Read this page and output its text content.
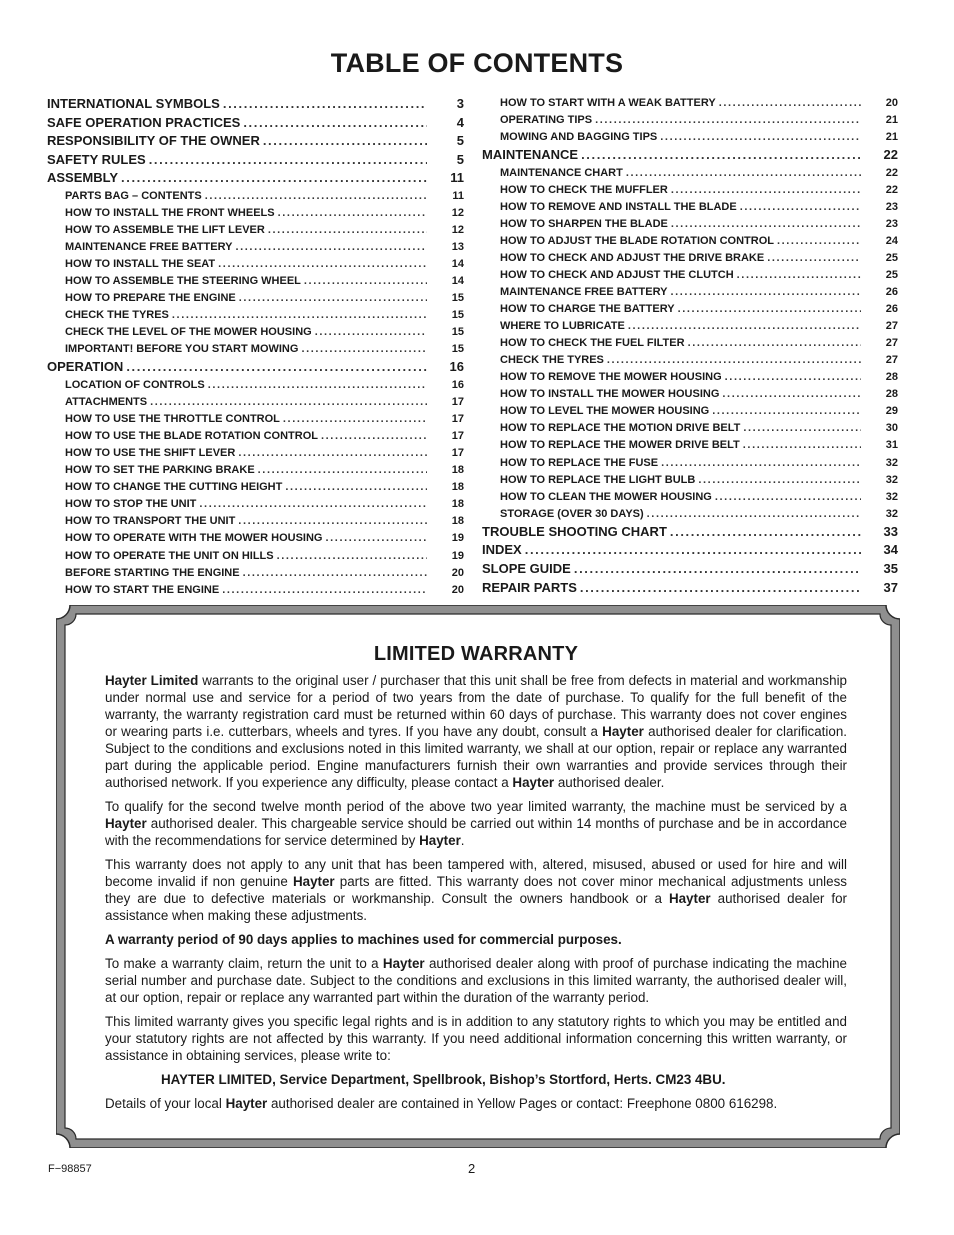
TABLE OF CONTENTS
INTERNATIONAL SYMBOLS .....	3
SAFE OPERATION PRACTICES .....	4
RESPONSIBILITY OF THE OWNER .....	5
SAFETY RULES .....	5
ASSEMBLY .....	11
PARTS BAG – CONTENTS .....	11
HOW TO INSTALL THE FRONT WHEELS .....	12
HOW TO ASSEMBLE THE LIFT LEVER .....	12
MAINTENANCE FREE BATTERY .....	13
HOW TO INSTALL THE SEAT .....	14
HOW TO ASSEMBLE THE STEERING WHEEL .....	14
HOW TO PREPARE THE ENGINE .....	15
CHECK THE TYRES .....	15
CHECK THE LEVEL OF THE MOWER HOUSING .....	15
IMPORTANT! BEFORE YOU START MOWING .....	15
OPERATION .....	16
LOCATION OF CONTROLS .....	16
ATTACHMENTS .....	17
HOW TO USE THE THROTTLE CONTROL .....	17
HOW TO USE THE BLADE ROTATION CONTROL .....	17
HOW TO USE THE SHIFT LEVER .....	17
HOW TO SET THE PARKING BRAKE .....	18
HOW TO CHANGE THE CUTTING HEIGHT .....	18
HOW TO STOP THE UNIT .....	18
HOW TO TRANSPORT THE UNIT .....	18
HOW TO OPERATE WITH THE MOWER HOUSING .....	19
HOW TO OPERATE THE UNIT ON HILLS .....	19
BEFORE STARTING THE ENGINE .....	20
HOW TO START THE ENGINE .....	20
HOW TO START WITH A WEAK BATTERY .....	20
OPERATING TIPS .....	21
MOWING AND BAGGING TIPS .....	21
MAINTENANCE .....	22
MAINTENANCE CHART .....	22
HOW TO CHECK THE MUFFLER .....	22
HOW TO REMOVE AND INSTALL THE BLADE .....	23
HOW TO SHARPEN THE BLADE .....	23
HOW TO ADJUST THE BLADE ROTATION CONTROL .....	24
HOW TO CHECK AND ADJUST THE DRIVE BRAKE .....	25
HOW TO CHECK AND ADJUST THE CLUTCH .....	25
MAINTENANCE FREE BATTERY .....	26
HOW TO CHARGE THE BATTERY .....	26
WHERE TO LUBRICATE .....	27
HOW TO CHECK THE FUEL FILTER .....	27
CHECK THE TYRES .....	27
HOW TO REMOVE THE MOWER HOUSING .....	28
HOW TO INSTALL THE MOWER HOUSING .....	28
HOW TO LEVEL THE MOWER HOUSING .....	29
HOW TO REPLACE THE MOTION DRIVE BELT .....	30
HOW TO REPLACE THE MOWER DRIVE BELT .....	31
HOW TO REPLACE THE FUSE .....	32
HOW TO REPLACE THE LIGHT BULB .....	32
HOW TO CLEAN THE MOWER HOUSING .....	32
STORAGE (OVER 30 DAYS) .....	32
TROUBLE SHOOTING CHART .....	33
INDEX .....	34
SLOPE GUIDE .....	35
REPAIR PARTS .....	37
LIMITED WARRANTY

Hayter Limited warrants to the original user / purchaser that this unit shall be free from defects in material and workmanship under normal use and service for a period of two years from the date of purchase. To qualify for the full benefit of the warranty, the warranty registration card must be returned within 60 days of purchase. This warranty does not cover engines or wearing parts i.e. cutterbars, wheels and tyres. If you have any doubt, consult a Hayter authorised dealer for clarification. Subject to the conditions and exclusions noted in this limited warranty, we shall at our option, repair or replace any warranted part during the applicable period. Engine manufacturers furnish their own warranties and provide services through their authorised network. If you experience any difficulty, please contact a Hayter authorised dealer.

To qualify for the second twelve month period of the above two year limited warranty, the machine must be serviced by a Hayter authorised dealer. This chargeable service should be carried out within 14 months of purchase and be in accordance with the recommendations for service determined by Hayter.

This warranty does not apply to any unit that has been tampered with, altered, misused, abused or used for hire and will become invalid if non genuine Hayter parts are fitted. This warranty does not cover minor mechanical adjustments unless they are due to defective materials or workmanship. Consult the owners handbook or a Hayter authorised dealer for assistance when making these adjustments.

A warranty period of 90 days applies to machines used for commercial purposes.

To make a warranty claim, return the unit to a Hayter authorised dealer along with proof of purchase indicating the machine serial number and purchase date. Subject to the conditions and exclusions in this limited warranty, the authorised dealer will, at our option, repair or replace any warranted part within the duration of the warranty period.

This limited warranty gives you specific legal rights and is in addition to any statutory rights to which you may be entitled and your statutory rights are not affected by this warranty. If you need additional information concerning this written warranty, or assistance in obtaining services, please write to:

HAYTER LIMITED, Service Department, Spellbrook, Bishop’s Stortford, Herts. CM23 4BU.

Details of your local Hayter authorised dealer are contained in Yellow Pages or contact: Freephone 0800 616298.

F−98857	2
